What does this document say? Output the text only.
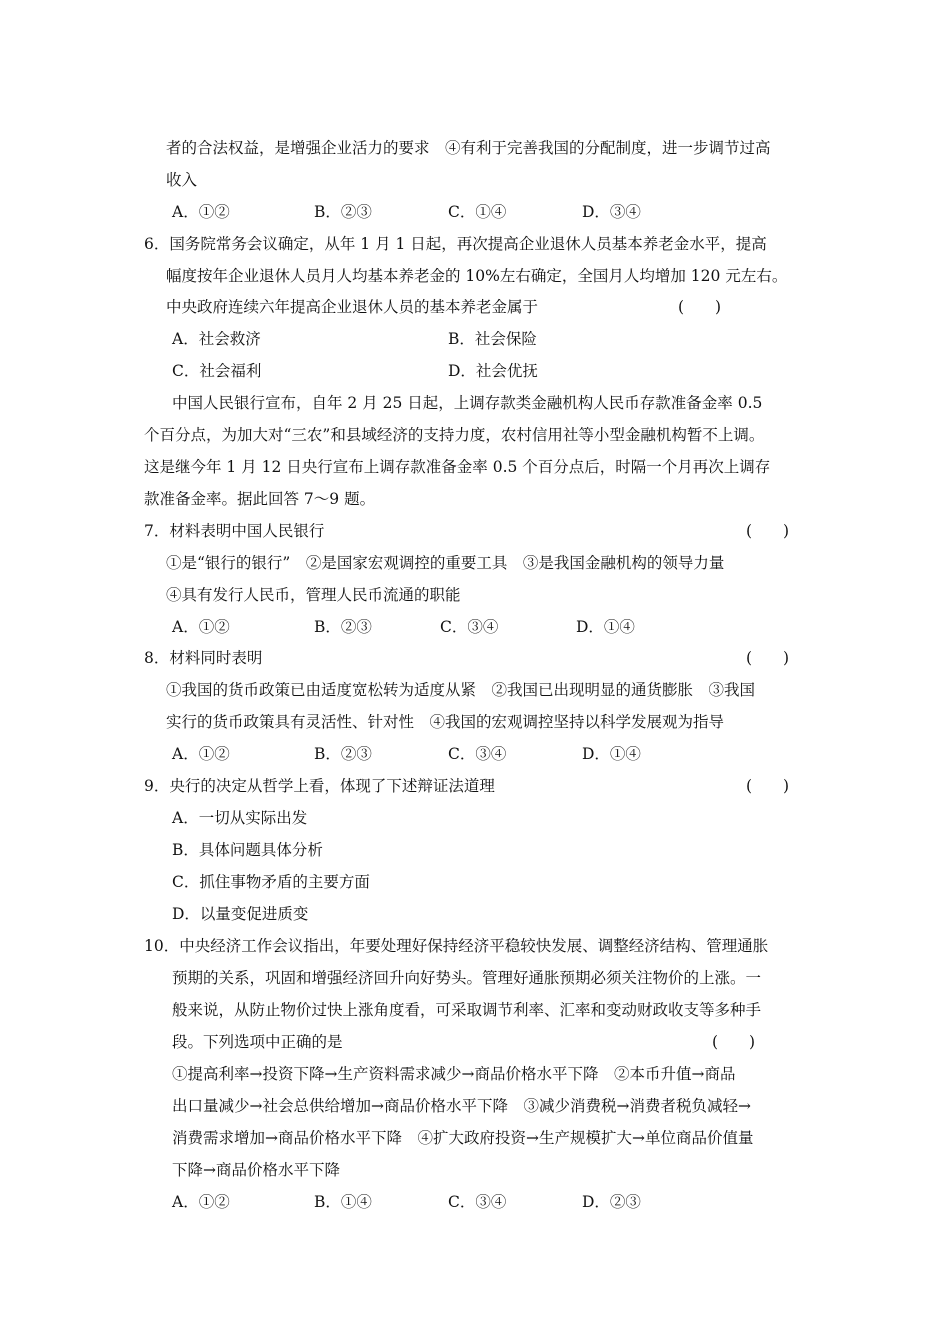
者的合法权益，是增强企业活力的要求　④有利于完善我国的分配制度，进一步调节过高
收入
A．①②	B．②③	C．①④	D．③④
6．国务院常务会议确定，从年 1 月 1 日起，再次提高企业退休人员基本养老金水平，提高
幅度按年企业退休人员月人均基本养老金的 10%左右确定，全国月人均增加 120 元左右。
中央政府连续六年提高企业退休人员的基本养老金属于	(　　)
A．社会救济	B．社会保险
C．社会福利	D．社会优抚
中国人民银行宣布，自年 2 月 25 日起，上调存款类金融机构人民币存款准备金率 0.5
个百分点，为加大对“三农”和县域经济的支持力度，农村信用社等小型金融机构暂不上调。
这是继今年 1 月 12 日央行宣布上调存款准备金率 0.5 个百分点后，时隔一个月再次上调存
款准备金率。据此回答 7～9 题。
7．材料表明中国人民银行	(　　)
①是“银行的银行”　②是国家宏观调控的重要工具　③是我国金融机构的领导力量
④具有发行人民币，管理人民币流通的职能
A．①②	B．②③	C．③④	D．①④
8．材料同时表明	(　　)
①我国的货币政策已由适度宽松转为适度从紧　②我国已出现明显的通货膨胀　③我国
实行的货币政策具有灵活性、针对性　④我国的宏观调控坚持以科学发展观为指导
A．①②	B．②③	C．③④	D．①④
9．央行的决定从哲学上看，体现了下述辩证法道理	(　　)
A．一切从实际出发
B．具体问题具体分析
C．抓住事物矛盾的主要方面
D．以量变促进质变
10．中央经济工作会议指出，年要处理好保持经济平稳较快发展、调整经济结构、管理通胀
预期的关系，巩固和增强经济回升向好势头。管理好通胀预期必须关注物价的上涨。一
般来说，从防止物价过快上涨角度看，可采取调节利率、汇率和变动财政收支等多种手
段。下列选项中正确的是	(　　)
①提高利率→投资下降→生产资料需求减少→商品价格水平下降　②本币升值→商品
出口量减少→社会总供给增加→商品价格水平下降　③减少消费税→消费者税负减轻→
消费需求增加→商品价格水平下降　④扩大政府投资→生产规模扩大→单位商品价值量
下降→商品价格水平下降
A．①②	B．①④	C．③④	D．②③
